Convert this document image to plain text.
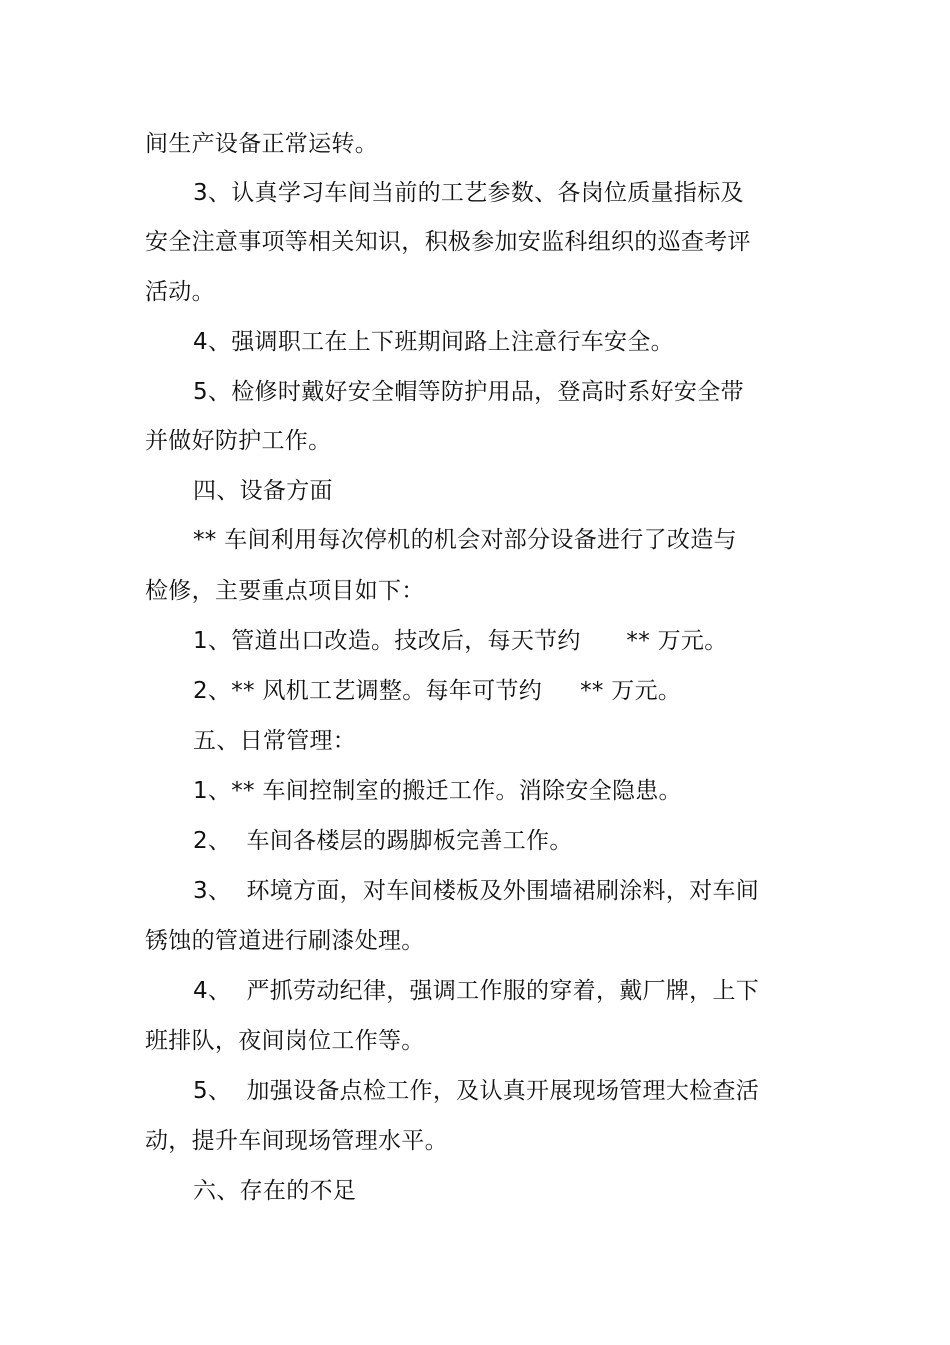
间生产设备正常运转。
3、认真学习车间当前的工艺参数、各岗位质量指标及
安全注意事项等相关知识，积极参加安监科组织的巡查考评
活动。
4、强调职工在上下班期间路上注意行车安全。
5、检修时戴好安全帽等防护用品，登高时系好安全带
并做好防护工作。
四、设备方面
** 车间利用每次停机的机会对部分设备进行了改造与
检修，主要重点项目如下：
1、管道出口改造。技改后，每天节约      ** 万元。
2、** 风机工艺调整。每年可节约     ** 万元。
五、日常管理：
1、** 车间控制室的搬迁工作。消除安全隐患。
2、  车间各楼层的踢脚板完善工作。
3、  环境方面，对车间楼板及外围墙裙刷涂料，对车间
锈蚀的管道进行刷漆处理。
4、  严抓劳动纪律，强调工作服的穿着，戴厂牌，上下
班排队，夜间岗位工作等。
5、  加强设备点检工作，及认真开展现场管理大检查活
动，提升车间现场管理水平。
六、存在的不足
